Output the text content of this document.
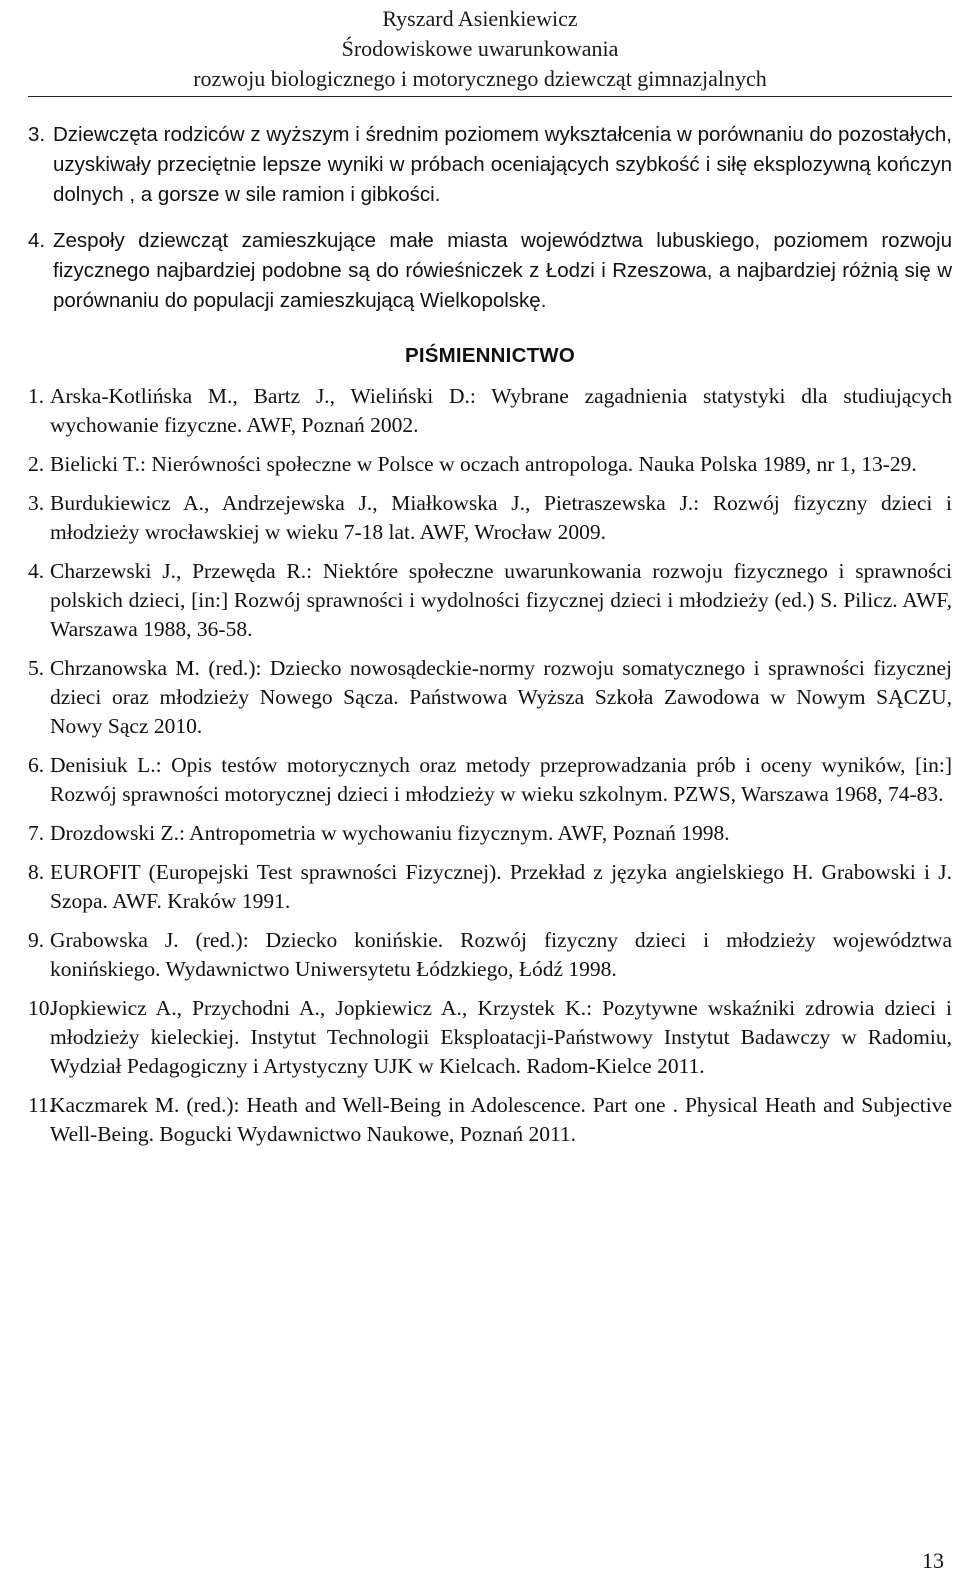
Ryszard Asienkiewicz
Środowiskowe uwarunkowania
rozwoju biologicznego i motorycznego dziewcząt gimnazjalnych
3. Dziewczęta rodziców z wyższym i średnim poziomem wykształcenia w porównaniu do pozostałych, uzyskiwały przeciętnie lepsze wyniki w próbach oceniających szybkość i siłę eksplozywną kończyn dolnych , a gorsze w sile ramion i gibkości.
4. Zespoły dziewcząt zamieszkujące małe miasta województwa lubuskiego, poziomem rozwoju fizycznego najbardziej podobne są do rówieśniczek z Łodzi i Rzeszowa, a najbardziej różnią się w porównaniu do populacji zamieszkującą Wielkopolskę.
PIŚMIENNICTWO
1. Arska-Kotlińska M., Bartz J., Wieliński D.: Wybrane zagadnienia statystyki dla studiujących wychowanie fizyczne. AWF, Poznań 2002.
2. Bielicki T.: Nierówności społeczne w Polsce w oczach antropologa. Nauka Polska 1989, nr 1, 13-29.
3. Burdukiewicz A., Andrzejewska J., Miałkowska J., Pietraszewska J.: Rozwój fizyczny dzieci i młodzieży wrocławskiej w wieku 7-18 lat. AWF, Wrocław 2009.
4. Charzewski J., Przewęda R.: Niektóre społeczne uwarunkowania rozwoju fizycznego i sprawności polskich dzieci, [in:] Rozwój sprawności i wydolności fizycznej dzieci i młodzieży (ed.) S. Pilicz. AWF, Warszawa 1988, 36-58.
5. Chrzanowska M. (red.): Dziecko nowosądeckie-normy rozwoju somatycznego i sprawności fizycznej dzieci oraz młodzieży Nowego Sącza. Państwowa Wyższa Szkoła Zawodowa w Nowym SĄCZU, Nowy Sącz 2010.
6. Denisiuk L.: Opis testów motorycznych oraz metody przeprowadzania prób i oceny wyników, [in:] Rozwój sprawności motorycznej dzieci i młodzieży w wieku szkolnym. PZWS, Warszawa 1968, 74-83.
7. Drozdowski Z.: Antropometria w wychowaniu fizycznym. AWF, Poznań 1998.
8. EUROFIT (Europejski Test sprawności Fizycznej). Przekład z języka angielskiego H. Grabowski i J. Szopa. AWF. Kraków 1991.
9. Grabowska J. (red.): Dziecko konińskie. Rozwój fizyczny dzieci i młodzieży województwa konińskiego. Wydawnictwo Uniwersytetu Łódzkiego, Łódź 1998.
10.
Jopkiewicz A., Przychodni A., Jopkiewicz A., Krzystek K.: Pozytywne wskaźniki zdrowia dzieci i młodzieży kieleckiej. Instytut Technologii Eksploatacji-Państwowy Instytut Badawczy w Radomiu, Wydział Pedagogiczny i Artystyczny UJK w Kielcach. Radom-Kielce 2011.
11.
Kaczmarek M. (red.): Heath and Well-Being in Adolescence. Part one . Physical Heath and Subjective Well-Being. Bogucki Wydawnictwo Naukowe, Poznań 2011.
13
